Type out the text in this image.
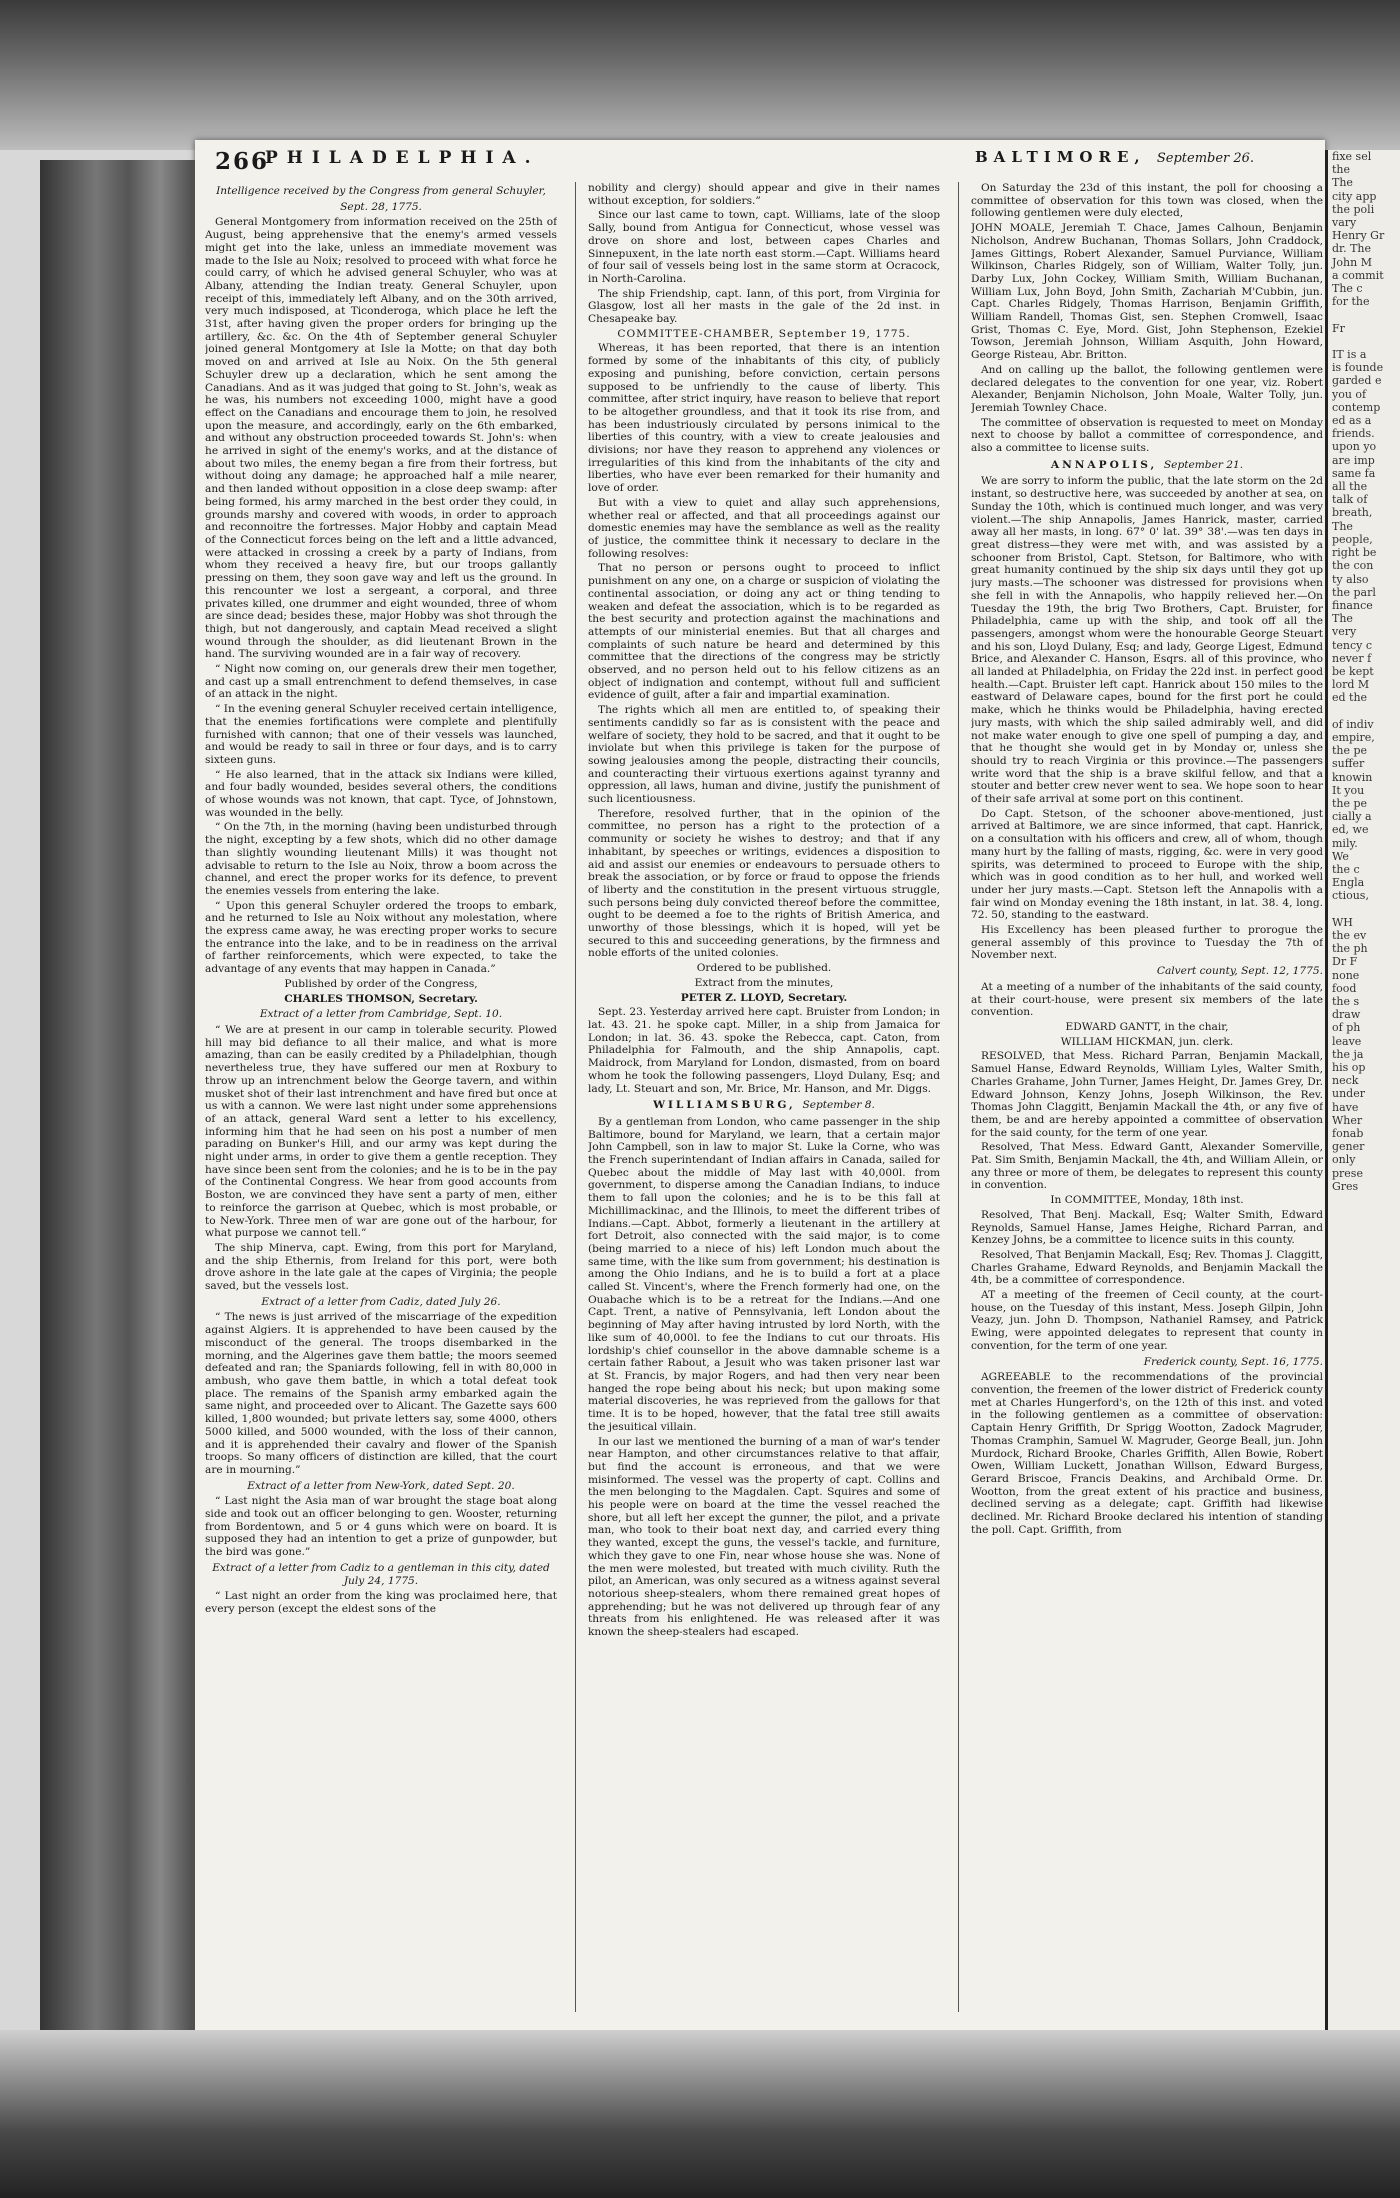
266
PHILADELPHIA.	BALTIMORE, September 26.

Intelligence received by the Congress from general Schuyler,

Sept. 28, 1775.

General Montgomery from information received on the 25th of August, being apprehensive that the enemy's armed vessels might get into the lake, unless an immediate movement was made to the Isle au Noix; resolved to proceed with what force he could carry, of which he advised general Schuyler, who was at Albany, attending the Indian treaty. General Schuyler, upon receipt of this, immediately left Albany, and on the 30th arrived, very much indisposed, at Ticonderoga, which place he left the 31st, after having given the proper orders for bringing up the artillery, &c. &c. On the 4th of September general Schuyler joined general Montgomery at Isle la Motte; on that day both moved on and arrived at Isle au Noix. On the 5th general Schuyler drew up a declaration, which he sent among the Canadians. And as it was judged that going to St. John's, weak as he was, his numbers not exceeding 1000, might have a good effect on the Canadians and encourage them to join, he resolved upon the measure, and accordingly, early on the 6th embarked, and without any obstruction proceeded towards St. John's: when he arrived in sight of the enemy's works, and at the distance of about two miles, the enemy began a fire from their fortress, but without doing any damage; he approached half a mile nearer, and then landed without opposition in a close deep swamp: after being formed, his army marched in the best order they could, in grounds marshy and covered with woods, in order to approach and reconnoitre the fortresses. Major Hobby and captain Mead of the Connecticut forces being on the left and a little advanced, were attacked in crossing a creek by a party of Indians, from whom they received a heavy fire, but our troops gallantly pressing on them, they soon gave way and left us the ground. In this rencounter we lost a sergeant, a corporal, and three privates killed, one drummer and eight wounded, three of whom are since dead; besides these, major Hobby was shot through the thigh, but not dangerously, and captain Mead received a slight wound through the shoulder, as did lieutenant Brown in the hand. The surviving wounded are in a fair way of recovery.

“ Night now coming on, our generals drew their men together, and cast up a small entrenchment to defend themselves, in case of an attack in the night.

“ In the evening general Schuyler received certain intelligence, that the enemies fortifications were complete and plentifully furnished with cannon; that one of their vessels was launched, and would be ready to sail in three or four days, and is to carry sixteen guns.

“ He also learned, that in the attack six Indians were killed, and four badly wounded, besides several others, the conditions of whose wounds was not known, that capt. Tyce, of Johnstown, was wounded in the belly.

“ On the 7th, in the morning (having been undisturbed through the night, excepting by a few shots, which did no other damage than slightly wounding lieutenant Mills) it was thought not advisable to return to the Isle au Noix, throw a boom across the channel, and erect the proper works for its defence, to prevent the enemies vessels from entering the lake.

“ Upon this general Schuyler ordered the troops to embark, and he returned to Isle au Noix without any molestation, where the express came away, he was erecting proper works to secure the entrance into the lake, and to be in readiness on the arrival of farther reinforcements, which were expected, to take the advantage of any events that may happen in Canada.”

Published by order of the Congress,

CHARLES THOMSON, Secretary.

Extract of a letter from Cambridge, Sept. 10.

“ We are at present in our camp in tolerable security. Plowed hill may bid defiance to all their malice, and what is more amazing, than can be easily credited by a Philadelphian, though nevertheless true, they have suffered our men at Roxbury to throw up an intrenchment below the George tavern, and within musket shot of their last intrenchment and have fired but once at us with a cannon. We were last night under some apprehensions of an attack, general Ward sent a letter to his excellency, informing him that he had seen on his post a number of men parading on Bunker's Hill, and our army was kept during the night under arms, in order to give them a gentle reception. They have since been sent from the colonies; and he is to be in the pay of the Continental Congress. We hear from good accounts from Boston, we are convinced they have sent a party of men, either to reinforce the garrison at Quebec, which is most probable, or to New-York. Three men of war are gone out of the harbour, for what purpose we cannot tell.”

The ship Minerva, capt. Ewing, from this port for Maryland, and the ship Ethernis, from Ireland for this port, were both drove ashore in the late gale at the capes of Virginia; the people saved, but the vessels lost.

Extract of a letter from Cadiz, dated July 26.

“ The news is just arrived of the miscarriage of the expedition against Algiers. It is apprehended to have been caused by the misconduct of the general. The troops disembarked in the morning, and the Algerines gave them battle; the moors seemed defeated and ran; the Spaniards following, fell in with 80,000 in ambush, who gave them battle, in which a total defeat took place. The remains of the Spanish army embarked again the same night, and proceeded over to Alicant. The Gazette says 600 killed, 1,800 wounded; but private letters say, some 4000, others 5000 killed, and 5000 wounded, with the loss of their cannon, and it is apprehended their cavalry and flower of the Spanish troops. So many officers of distinction are killed, that the court are in mourning.”

Extract of a letter from New-York, dated Sept. 20.

“ Last night the Asia man of war brought the stage boat along side and took out an officer belonging to gen. Wooster, returning from Bordentown, and 5 or 4 guns which were on board. It is supposed they had an intention to get a prize of gunpowder, but the bird was gone.”

Extract of a letter from Cadiz to a gentleman in this city, dated July 24, 1775.

“ Last night an order from the king was proclaimed here, that every person (except the eldest sons of the

nobility and clergy) should appear and give in their names without exception, for soldiers.”

Since our last came to town, capt. Williams, late of the sloop Sally, bound from Antigua for Connecticut, whose vessel was drove on shore and lost, between capes Charles and Sinnepuxent, in the late north east storm.—Capt. Williams heard of four sail of vessels being lost in the same storm at Ocracock, in North-Carolina.

The ship Friendship, capt. Iann, of this port, from Virginia for Glasgow, lost all her masts in the gale of the 2d inst. in Chesapeake bay.

COMMITTEE-CHAMBER, September 19, 1775.

Whereas, it has been reported, that there is an intention formed by some of the inhabitants of this city, of publicly exposing and punishing, before conviction, certain persons supposed to be unfriendly to the cause of liberty. This committee, after strict inquiry, have reason to believe that report to be altogether groundless, and that it took its rise from, and has been industriously circulated by persons inimical to the liberties of this country, with a view to create jealousies and divisions; nor have they reason to apprehend any violences or irregularities of this kind from the inhabitants of the city and liberties, who have ever been remarked for their humanity and love of order.

But with a view to quiet and allay such apprehensions, whether real or affected, and that all proceedings against our domestic enemies may have the semblance as well as the reality of justice, the committee think it necessary to declare in the following resolves:

That no person or persons ought to proceed to inflict punishment on any one, on a charge or suspicion of violating the continental association, or doing any act or thing tending to weaken and defeat the association, which is to be regarded as the best security and protection against the machinations and attempts of our ministerial enemies. But that all charges and complaints of such nature be heard and determined by this committee that the directions of the congress may be strictly observed, and no person held out to his fellow citizens as an object of indignation and contempt, without full and sufficient evidence of guilt, after a fair and impartial examination.

The rights which all men are entitled to, of speaking their sentiments candidly so far as is consistent with the peace and welfare of society, they hold to be sacred, and that it ought to be inviolate but when this privilege is taken for the purpose of sowing jealousies among the people, distracting their councils, and counteracting their virtuous exertions against tyranny and oppression, all laws, human and divine, justify the punishment of such licentiousness.

Therefore, resolved further, that in the opinion of the committee, no person has a right to the protection of a community or society he wishes to destroy; and that if any inhabitant, by speeches or writings, evidences a disposition to aid and assist our enemies or endeavours to persuade others to break the association, or by force or fraud to oppose the friends of liberty and the constitution in the present virtuous struggle, such persons being duly convicted thereof before the committee, ought to be deemed a foe to the rights of British America, and unworthy of those blessings, which it is hoped, will yet be secured to this and succeeding generations, by the firmness and noble efforts of the united colonies.

Ordered to be published.

Extract from the minutes,

PETER Z. LLOYD, Secretary.

Sept. 23. Yesterday arrived here capt. Bruister from London; in lat. 43. 21. he spoke capt. Miller, in a ship from Jamaica for London; in lat. 36. 43. spoke the Rebecca, capt. Caton, from Philadelphia for Falmouth, and the ship Annapolis, capt. Maidrock, from Maryland for London, dismasted, from on board whom he took the following passengers, Lloyd Dulany, Esq; and lady, Lt. Steuart and son, Mr. Brice, Mr. Hanson, and Mr. Diggs.

WILLIAMSBURG, September 8.

By a gentleman from London, who came passenger in the ship Baltimore, bound for Maryland, we learn, that a certain major John Campbell, son in law to major St. Luke la Corne, who was the French superintendant of Indian affairs in Canada, sailed for Quebec about the middle of May last with 40,000l. from government, to disperse among the Canadian Indians, to induce them to fall upon the colonies; and he is to be this fall at Michillimackinac, and the Illinois, to meet the different tribes of Indians.—Capt. Abbot, formerly a lieutenant in the artillery at fort Detroit, also connected with the said major, is to come (being married to a niece of his) left London much about the same time, with the like sum from government; his destination is among the Ohio Indians, and he is to build a fort at a place called St. Vincent's, where the French formerly had one, on the Ouabache which is to be a retreat for the Indians.—And one Capt. Trent, a native of Pennsylvania, left London about the beginning of May after having intrusted by lord North, with the like sum of 40,000l. to fee the Indians to cut our throats. His lordship's chief counsellor in the above damnable scheme is a certain father Rabout, a Jesuit who was taken prisoner last war at St. Francis, by major Rogers, and had then very near been hanged the rope being about his neck; but upon making some material discoveries, he was reprieved from the gallows for that time. It is to be hoped, however, that the fatal tree still awaits the jesuitical villain.

In our last we mentioned the burning of a man of war's tender near Hampton, and other circumstances relative to that affair, but find the account is erroneous, and that we were misinformed. The vessel was the property of capt. Collins and the men belonging to the Magdalen. Capt. Squires and some of his people were on board at the time the vessel reached the shore, but all left her except the gunner, the pilot, and a private man, who took to their boat next day, and carried every thing they wanted, except the guns, the vessel's tackle, and furniture, which they gave to one Fin, near whose house she was. None of the men were molested, but treated with much civility. Ruth the pilot, an American, was only secured as a witness against several notorious sheep-stealers, whom there remained great hopes of apprehending; but he was not delivered up through fear of any threats from his enlightened. He was released after it was known the sheep-stealers had escaped.

On Saturday the 23d of this instant, the poll for choosing a committee of observation for this town was closed, when the following gentlemen were duly elected,

JOHN MOALE, Jeremiah T. Chace, James Calhoun, Benjamin Nicholson, Andrew Buchanan, Thomas Sollars, John Craddock, James Gittings, Robert Alexander, Samuel Purviance, William Wilkinson, Charles Ridgely, son of William, Walter Tolly, jun. Darby Lux, John Cockey, William Smith, William Buchanan, William Lux, John Boyd, John Smith, Zachariah M'Cubbin, jun. Capt. Charles Ridgely, Thomas Harrison, Benjamin Griffith, William Randell, Thomas Gist, sen. Stephen Cromwell, Isaac Grist, Thomas C. Eye, Mord. Gist, John Stephenson, Ezekiel Towson, Jeremiah Johnson, William Asquith, John Howard, George Risteau, Abr. Britton.

And on calling up the ballot, the following gentlemen were declared delegates to the convention for one year, viz. Robert Alexander, Benjamin Nicholson, John Moale, Walter Tolly, jun. Jeremiah Townley Chace.

The committee of observation is requested to meet on Monday next to choose by ballot a committee of correspondence, and also a committee to license suits.

ANNAPOLIS, September 21.

We are sorry to inform the public, that the late storm on the 2d instant, so destructive here, was succeeded by another at sea, on Sunday the 10th, which is continued much longer, and was very violent.—The ship Annapolis, James Hanrick, master, carried away all her masts, in long. 67° 0' lat. 39° 38'.—was ten days in great distress—they were met with, and was assisted by a schooner from Bristol, Capt. Stetson, for Baltimore, who with great humanity continued by the ship six days until they got up jury masts.—The schooner was distressed for provisions when she fell in with the Annapolis, who happily relieved her.—On Tuesday the 19th, the brig Two Brothers, Capt. Bruister, for Philadelphia, came up with the ship, and took off all the passengers, amongst whom were the honourable George Steuart and his son, Lloyd Dulany, Esq; and lady, George Ligest, Edmund Brice, and Alexander C. Hanson, Esqrs. all of this province, who all landed at Philadelphia, on Friday the 22d inst. in perfect good health.—Capt. Bruister left capt. Hanrick about 150 miles to the eastward of Delaware capes, bound for the first port he could make, which he thinks would be Philadelphia, having erected jury masts, with which the ship sailed admirably well, and did not make water enough to give one spell of pumping a day, and that he thought she would get in by Monday or, unless she should try to reach Virginia or this province.—The passengers write word that the ship is a brave skilful fellow, and that a stouter and better crew never went to sea. We hope soon to hear of their safe arrival at some port on this continent.

Do Capt. Stetson, of the schooner above-mentioned, just arrived at Baltimore, we are since informed, that capt. Hanrick, on a consultation with his officers and crew, all of whom, though many hurt by the falling of masts, rigging, &c. were in very good spirits, was determined to proceed to Europe with the ship, which was in good condition as to her hull, and worked well under her jury masts.—Capt. Stetson left the Annapolis with a fair wind on Monday evening the 18th instant, in lat. 38. 4, long. 72. 50, standing to the eastward.

His Excellency has been pleased further to prorogue the general assembly of this province to Tuesday the 7th of November next.

Calvert county, Sept. 12, 1775.

At a meeting of a number of the inhabitants of the said county, at their court-house, were present six members of the late convention.

EDWARD GANTT, in the chair,

WILLIAM HICKMAN, jun. clerk.

RESOLVED, that Mess. Richard Parran, Benjamin Mackall, Samuel Hanse, Edward Reynolds, William Lyles, Walter Smith, Charles Grahame, John Turner, James Height, Dr. James Grey, Dr. Edward Johnson, Kenzy Johns, Joseph Wilkinson, the Rev. Thomas John Claggitt, Benjamin Mackall the 4th, or any five of them, be and are hereby appointed a committee of observation for the said county, for the term of one year.

Resolved, That Mess. Edward Gantt, Alexander Somerville, Pat. Sim Smith, Benjamin Mackall, the 4th, and William Allein, or any three or more of them, be delegates to represent this county in convention.

In COMMITTEE, Monday, 18th inst.

Resolved, That Benj. Mackall, Esq; Walter Smith, Edward Reynolds, Samuel Hanse, James Heighe, Richard Parran, and Kenzey Johns, be a committee to licence suits in this county.

Resolved, That Benjamin Mackall, Esq; Rev. Thomas J. Claggitt, Charles Grahame, Edward Reynolds, and Benjamin Mackall the 4th, be a committee of correspondence.

AT a meeting of the freemen of Cecil county, at the court-house, on the Tuesday of this instant, Mess. Joseph Gilpin, John Veazy, jun. John D. Thompson, Nathaniel Ramsey, and Patrick Ewing, were appointed delegates to represent that county in convention, for the term of one year.

Frederick county, Sept. 16, 1775.

AGREEABLE to the recommendations of the provincial convention, the freemen of the lower district of Frederick county met at Charles Hungerford's, on the 12th of this inst. and voted in the following gentlemen as a committee of observation: Captain Henry Griffith, Dr Sprigg Wootton, Zadock Magruder, Thomas Cramphin, Samuel W. Magruder, George Beall, jun. John Murdock, Richard Brooke, Charles Griffith, Allen Bowie, Robert Owen, William Luckett, Jonathan Willson, Edward Burgess, Gerard Briscoe, Francis Deakins, and Archibald Orme. Dr. Wootton, from the great extent of his practice and business, declined serving as a delegate; capt. Griffith had likewise declined. Mr. Richard Brooke declared his intention of standing the poll. Capt. Griffith, from

fixe sel
the
The
city app
the poli
vary
Henry Gr
dr. The
John M
a commit
The c
for the

Fr

IT is a
is founde
garded e
you of
contemp
ed as a
friends.
upon yo
are imp
same fa
all the
talk of
breath,
The
people,
right be
the con
ty also
the parl
finance
The
very
tency c
never f
be kept
lord M
ed the

of indiv
empire,
the pe
suffer
knowin
It you
the pe
cially a
ed, we
mily.
We
the c
Engla
ctious,

WH
the ev
the ph
Dr F
none
food
the s
draw
of ph
leave
the ja
his op
neck
under
have
Wher
fonab
gener
only
prese
Gres
